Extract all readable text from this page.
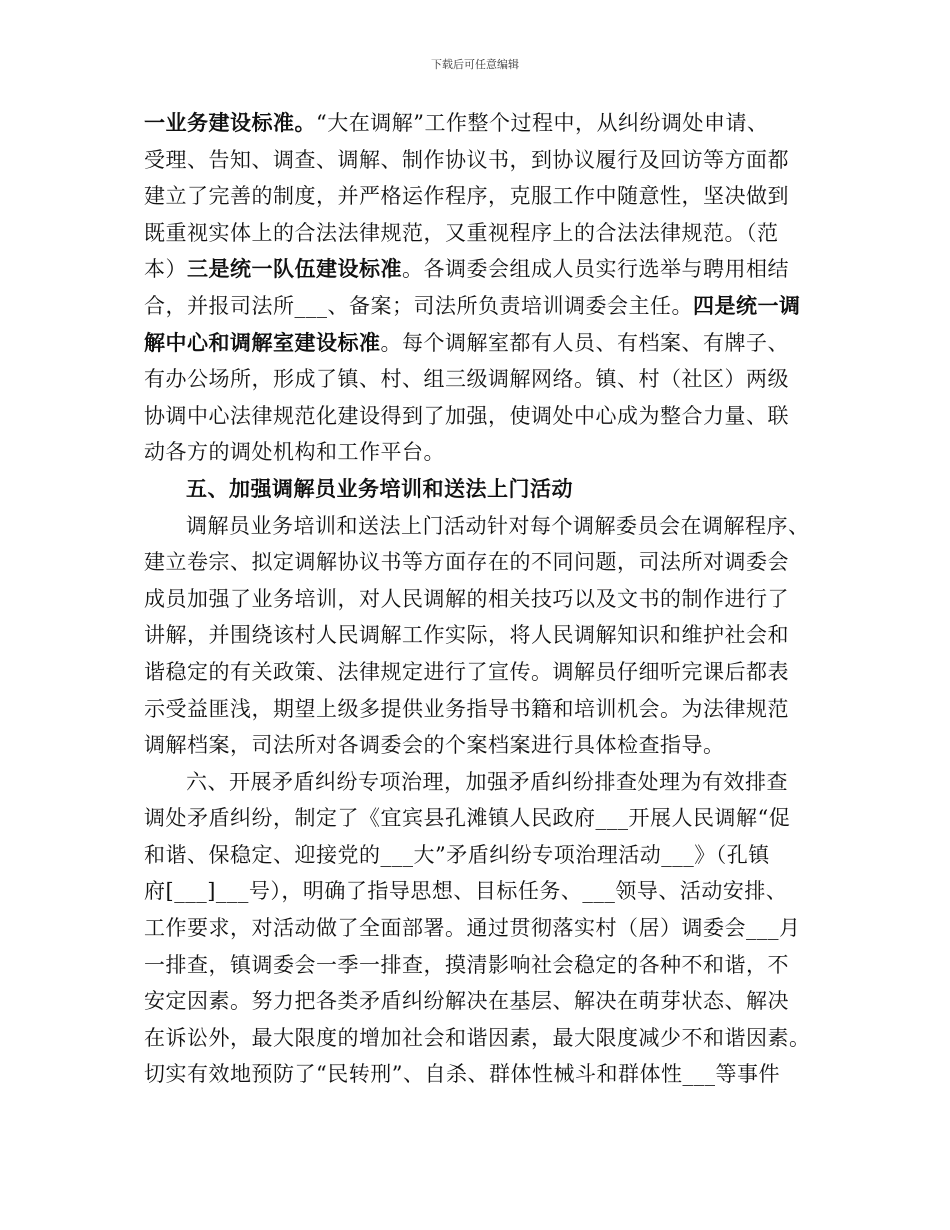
下载后可任意编辑
一业务建设标准。“大在调解”工作整个过程中，从纠纷调处申请、
受理、告知、调查、调解、制作协议书，到协议履行及回访等方面都
建立了完善的制度，并严格运作程序，克服工作中随意性，坚决做到
既重视实体上的合法法律规范，又重视程序上的合法法律规范。（范
本）三是统一队伍建设标准。各调委会组成人员实行选举与聘用相结
合，并报司法所___、备案；司法所负责培训调委会主任。四是统一调
解中心和调解室建设标准。每个调解室都有人员、有档案、有牌子、
有办公场所，形成了镇、村、组三级调解网络。镇、村（社区）两级
协调中心法律规范化建设得到了加强，使调处中心成为整合力量、联
动各方的调处机构和工作平台。
五、加强调解员业务培训和送法上门活动
调解员业务培训和送法上门活动针对每个调解委员会在调解程序、
建立卷宗、拟定调解协议书等方面存在的不同问题，司法所对调委会
成员加强了业务培训，对人民调解的相关技巧以及文书的制作进行了
讲解，并围绕该村人民调解工作实际，将人民调解知识和维护社会和
谐稳定的有关政策、法律规定进行了宣传。调解员仔细听完课后都表
示受益匪浅，期望上级多提供业务指导书籍和培训机会。为法律规范
调解档案，司法所对各调委会的个案档案进行具体检查指导。
六、开展矛盾纠纷专项治理，加强矛盾纠纷排查处理为有效排查
调处矛盾纠纷，制定了《宜宾县孔滩镇人民政府___开展人民调解“促
和谐、保稳定、迎接党的___大”矛盾纠纷专项治理活动___》（孔镇
府[___]___号），明确了指导思想、目标任务、___领导、活动安排、
工作要求，对活动做了全面部署。通过贯彻落实村（居）调委会___月
一排查，镇调委会一季一排查，摸清影响社会稳定的各种不和谐，不
安定因素。努力把各类矛盾纠纷解决在基层、解决在萌芽状态、解决
在诉讼外，最大限度的增加社会和谐因素，最大限度减少不和谐因素。
切实有效地预防了“民转刑”、自杀、群体性械斗和群体性___等事件
